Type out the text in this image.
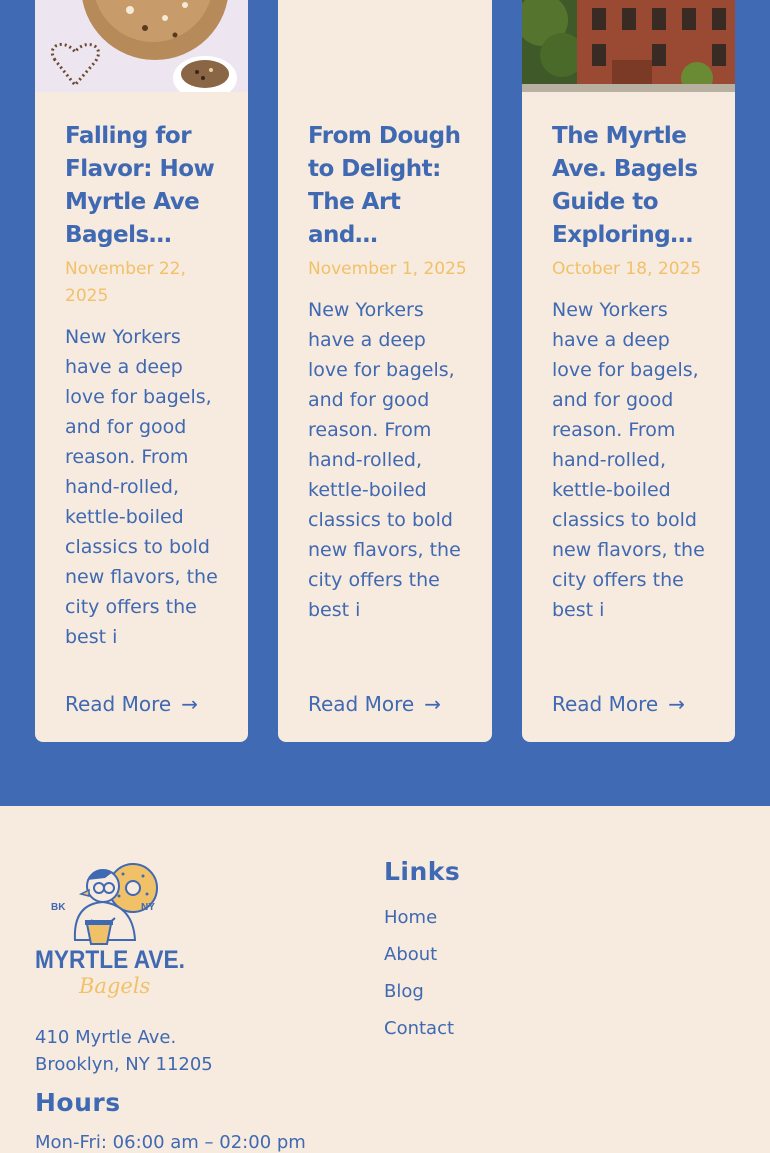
Falling for Flavor: How Myrtle Ave Bagels…
November 22, 2025

New Yorkers have a deep love for bagels, and for good reason. From hand-rolled, kettle-boiled classics to bold new flavors, the city offers the best i

Read More →
From Dough to Delight: The Art and…
November 1, 2025

New Yorkers have a deep love for bagels, and for good reason. From hand-rolled, kettle-boiled classics to bold new flavors, the city offers the best i

Read More →
The Myrtle Ave. Bagels Guide to Exploring…
October 18, 2025

New Yorkers have a deep love for bagels, and for good reason. From hand-rolled, kettle-boiled classics to bold new flavors, the city offers the best i

Read More →
BK	NY
MYRTLE AVE.
Bagels
410 Myrtle Ave.
Brooklyn, NY 11205
Hours
Mon-Fri: 06:00 am – 02:00 pm
Links
Home
About
Blog
Contact
